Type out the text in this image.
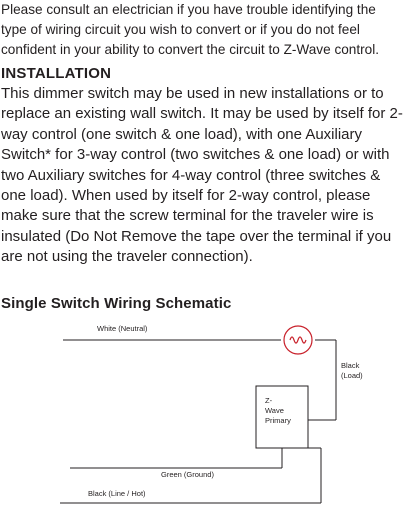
Please consult an electrician if you have trouble identifying the type of wiring circuit you wish to convert or if you do not feel confident in your ability to convert the circuit to Z-Wave control.

INSTALLATION

This dimmer switch may be used in new installations or to replace an existing wall switch. It may be used by itself for 2-way control (one switch & one load), with one Auxiliary Switch* for 3-way control (two switches & one load) or with two Auxiliary switches for 4-way control (three switches & one load). When used by itself for 2-way control, please make sure that the screw terminal for the traveler wire is insulated (Do Not Remove the tape over the terminal if you are not using the traveler connection).

Single Switch Wiring Schematic
White (Neutral)
Black
(Load)
Z-
Wave
Primary
Green (Ground)
Black (Line / Hot)
